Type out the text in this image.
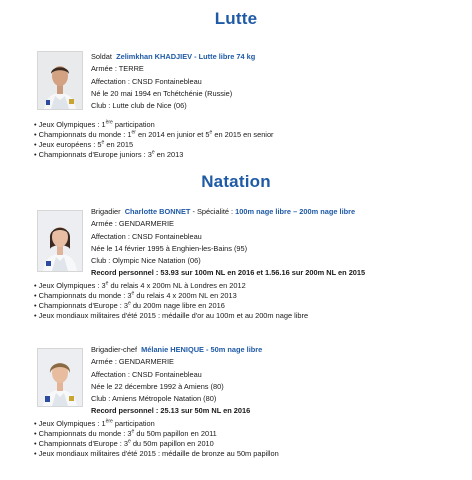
Lutte
Soldat Zelimkhan KHADJIEV - Lutte libre 74 kg
Armée : TERRE
Affectation : CNSD Fontainebleau
Né le 20 mai 1994 en Tchétchénie (Russie)
Club : Lutte club de Nice (06)
• Jeux Olympiques : 1ère participation
• Championnats du monde : 1er en 2014 en junior et 5e en 2015 en senior
• Jeux européens : 5e en 2015
• Championnats d'Europe juniors : 3e en 2013
Natation
Brigadier Charlotte BONNET - Spécialité : 100m nage libre – 200m nage libre
Armée : GENDARMERIE
Affectation : CNSD Fontainebleau
Née le 14 février 1995 à Enghien-les-Bains (95)
Club : Olympic Nice Natation (06)
Record personnel : 53.93 sur 100m NL en 2016 et 1.56.16 sur 200m NL en 2015
• Jeux Olympiques : 3e du relais 4 x 200m NL à Londres en 2012
• Championnats du monde : 3e du relais 4 x 200m NL en 2013
• Championnats d'Europe : 3e du 200m nage libre en 2016
• Jeux mondiaux militaires d'été 2015 : médaille d'or au 100m et au 200m nage libre
Brigadier-chef Mélanie HENIQUE - 50m nage libre
Armée : GENDARMERIE
Affectation : CNSD Fontainebleau
Née le 22 décembre 1992 à Amiens (80)
Club : Amiens Métropole Natation (80)
Record personnel : 25.13 sur 50m NL en 2016
• Jeux Olympiques : 1ère participation
• Championnats du monde : 3e du 50m papillon en 2011
• Championnats d'Europe : 3e du 50m papillon en 2010
• Jeux mondiaux militaires d'été 2015 : médaille de bronze au 50m papillon
